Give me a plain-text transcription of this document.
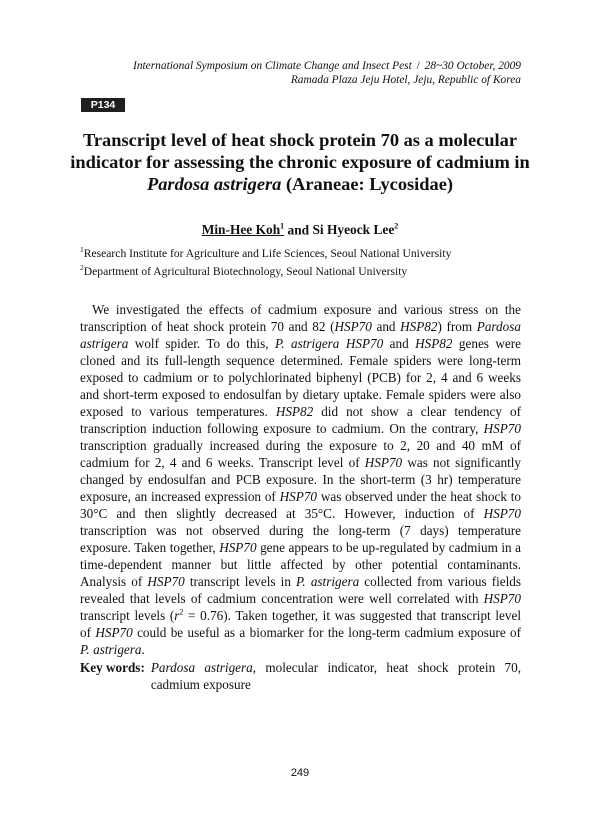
International Symposium on Climate Change and Insect Pest / 28~30 October, 2009
Ramada Plaza Jeju Hotel, Jeju, Republic of Korea
P134
Transcript level of heat shock protein 70 as a molecular indicator for assessing the chronic exposure of cadmium in Pardosa astrigera (Araneae: Lycosidae)
Min-Hee Koh$^1$ and Si Hyeock Lee$^2$
$^1$Research Institute for Agriculture and Life Sciences, Seoul National University
$^2$Department of Agricultural Biotechnology, Seoul National University

We investigated the effects of cadmium exposure and various stress on the transcription of heat shock protein 70 and 82 (HSP70 and HSP82) from Pardosa astrigera wolf spider. To do this, P. astrigera HSP70 and HSP82 genes were cloned and its full-length sequence determined. Female spiders were long-term exposed to cadmium or to polychlorinated biphenyl (PCB) for 2, 4 and 6 weeks and short-term exposed to endosulfan by dietary uptake. Female spiders were also exposed to various temperatures. HSP82 did not show a clear tendency of transcription induction following exposure to cadmium. On the contrary, HSP70 transcription gradually increased during the exposure to 2, 20 and 40 mM of cadmium for 2, 4 and 6 weeks. Transcript level of HSP70 was not significantly changed by endosulfan and PCB exposure. In the short-term (3 hr) temperature exposure, an increased expression of HSP70 was observed under the heat shock to 30°C and then slightly decreased at 35°C. However, induction of HSP70 transcription was not observed during the long-term (7 days) temperature exposure. Taken together, HSP70 gene appears to be up-regulated by cadmium in a time-dependent manner but little affected by other potential contaminants. Analysis of HSP70 transcript levels in P. astrigera collected from various fields revealed that levels of cadmium concentration were well correlated with HSP70 transcript levels $(r^2 = 0.76)$. Taken together, it was suggested that transcript level of HSP70 could be useful as a biomarker for the long-term cadmium exposure of P. astrigera.

Key words: Pardosa astrigera, molecular indicator, heat shock protein 70, cadmium exposure
249
